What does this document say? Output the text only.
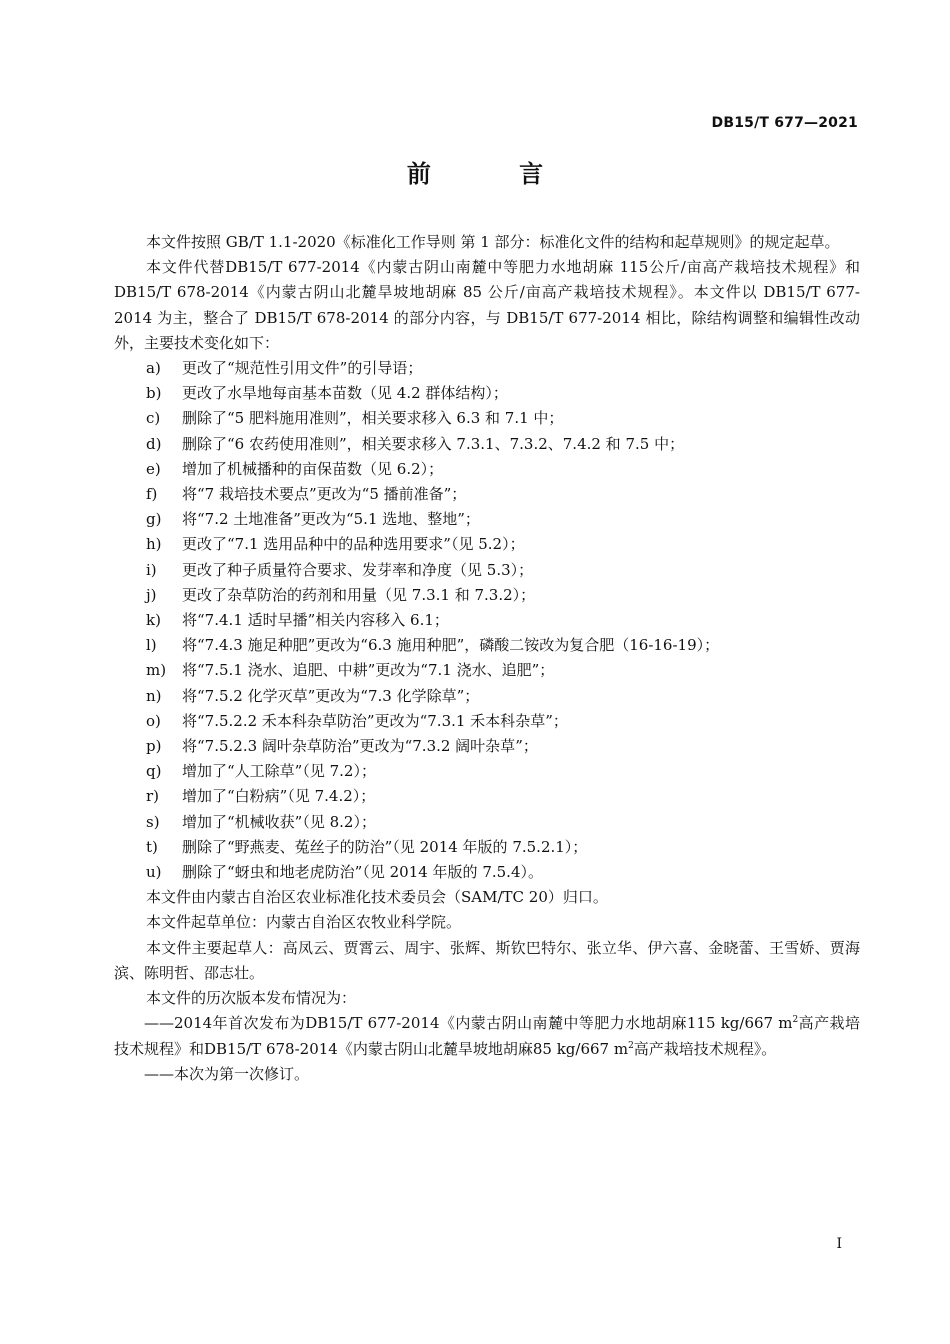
DB15/T 677—2021
前 言

本文件按照 GB/T 1.1-2020《标准化工作导则 第 1 部分：标准化文件的结构和起草规则》的规定起草。

本文件代替DB15/T 677-2014《内蒙古阴山南麓中等肥力水地胡麻 115公斤/亩高产栽培技术规程》和 DB15/T 678-2014《内蒙古阴山北麓旱坡地胡麻 85 公斤/亩高产栽培技术规程》。本文件以 DB15/T 677-2014 为主，整合了 DB15/T 678-2014 的部分内容，与 DB15/T 677-2014 相比，除结构调整和编辑性改动外，主要技术变化如下：

a) 更改了“规范性引用文件”的引导语；

b) 更改了水旱地每亩基本苗数（见 4.2 群体结构）；

c) 删除了“5 肥料施用准则”，相关要求移入 6.3 和 7.1 中；

d) 删除了“6 农药使用准则”，相关要求移入 7.3.1、7.3.2、7.4.2 和 7.5 中；

e) 增加了机械播种的亩保苗数（见 6.2）；

f) 将“7 栽培技术要点”更改为“5 播前准备”；

g) 将“7.2 土地准备”更改为“5.1 选地、整地”；

h) 更改了“7.1 选用品种中的品种选用要求”（见 5.2）；

i) 更改了种子质量符合要求、发芽率和净度（见 5.3）；

j) 更改了杂草防治的药剂和用量（见 7.3.1 和 7.3.2）；

k) 将“7.4.1 适时早播”相关内容移入 6.1；

l) 将“7.4.3 施足种肥”更改为“6.3 施用种肥”，磷酸二铵改为复合肥（16-16-19）；

m) 将“7.5.1 浇水、追肥、中耕”更改为“7.1 浇水、追肥”；

n) 将“7.5.2 化学灭草”更改为“7.3 化学除草”；

o) 将“7.5.2.2 禾本科杂草防治”更改为“7.3.1 禾本科杂草”；

p) 将“7.5.2.3 阔叶杂草防治”更改为“7.3.2 阔叶杂草”；

q) 增加了“人工除草”（见 7.2）；

r) 增加了“白粉病”（见 7.4.2）；

s) 增加了“机械收获”（见 8.2）；

t) 删除了“野燕麦、菟丝子的防治”（见 2014 年版的 7.5.2.1）；

u) 删除了“蚜虫和地老虎防治”（见 2014 年版的 7.5.4）。

本文件由内蒙古自治区农业标准化技术委员会（SAM/TC 20）归口。

本文件起草单位：内蒙古自治区农牧业科学院。

本文件主要起草人：高凤云、贾霄云、周宇、张辉、斯钦巴特尔、张立华、伊六喜、金晓蕾、王雪娇、贾海滨、陈明哲、邵志壮。

本文件的历次版本发布情况为：

——2014年首次发布为DB15/T 677-2014《内蒙古阴山南麓中等肥力水地胡麻115 kg/667 $m^2$高产栽培技术规程》和DB15/T 678-2014《内蒙古阴山北麓旱坡地胡麻85 kg/667 $m^2$高产栽培技术规程》。

——本次为第一次修订。

I
